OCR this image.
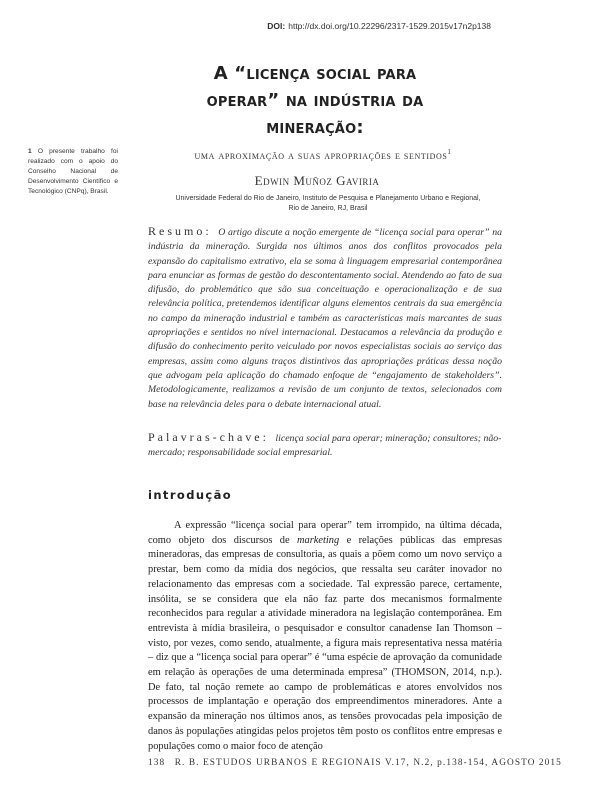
DOI: http://dx.doi.org/10.22296/2317-1529.2015v17n2p138
A “licença social para
operar” na indústria da
mineração:
uma aproximação a suas apropriações e sentidos$^1$
Edwin Muñoz Gaviria
Universidade Federal do Rio de Janeiro, Instituto de Pesquisa e Planejamento Urbano e Regional,
Rio de Janeiro, RJ, Brasil
1 O presente trabalho foi realizado com o apoio do Conselho Nacional de Desenvolvimento Científico e Tecnológico (CNPq), Brasil.
Resumo: O artigo discute a noção emergente de “licença social para operar” na indústria da mineração. Surgida nos últimos anos dos conflitos provocados pela expansão do capitalismo extrativo, ela se soma à linguagem empresarial contemporânea para enunciar as formas de gestão do descontentamento social. Atendendo ao fato de sua difusão, do problemático que são sua conceituação e operacionalização e de sua relevância política, pretendemos identificar alguns elementos centrais da sua emergência no campo da mineração industrial e também as características mais marcantes de suas apropriações e sentidos no nível internacional. Destacamos a relevância da produção e difusão do conhecimento perito veiculado por novos especialistas sociais ao serviço das empresas, assim como alguns traços distintivos das apropriações práticas dessa noção que advogam pela aplicação do chamado enfoque de “engajamento de stakeholders”. Metodologicamente, realizamos a revisão de um conjunto de textos, selecionados com base na relevância deles para o debate internacional atual.
Palavras-chave: licença social para operar; mineração; consultores; não-mercado; responsabilidade social empresarial.
introdução

A expressão “licença social para operar” tem irrompido, na última década, como objeto dos discursos de marketing e relações públicas das empresas mineradoras, das empresas de consultoria, as quais a põem como um novo serviço a prestar, bem como da mídia dos negócios, que ressalta seu caráter inovador no relacionamento das empresas com a sociedade. Tal expressão parece, certamente, insólita, se se considera que ela não faz parte dos mecanismos formalmente reconhecidos para regular a atividade mineradora na legislação contemporânea. Em entrevista à mídia brasileira, o pesquisador e consultor canadense Ian Thomson – visto, por vezes, como sendo, atualmente, a figura mais representativa nessa matéria – diz que a “licença social para operar” é “uma espécie de aprovação da comunidade em relação às operações de uma determinada empresa” (THOMSON, 2014, n.p.). De fato, tal noção remete ao campo de problemáticas e atores envolvidos nos processos de implantação e operação dos empreendimentos mineradores. Ante a expansão da mineração nos últimos anos, as tensões provocadas pela imposição de danos às populações atingidas pelos projetos têm posto os conflitos entre empresas e populações como o maior foco de atenção

138 R. B. ESTUDOS URBANOS E REGIONAIS V.17, N.2, p.138-154, AGOSTO 2015
